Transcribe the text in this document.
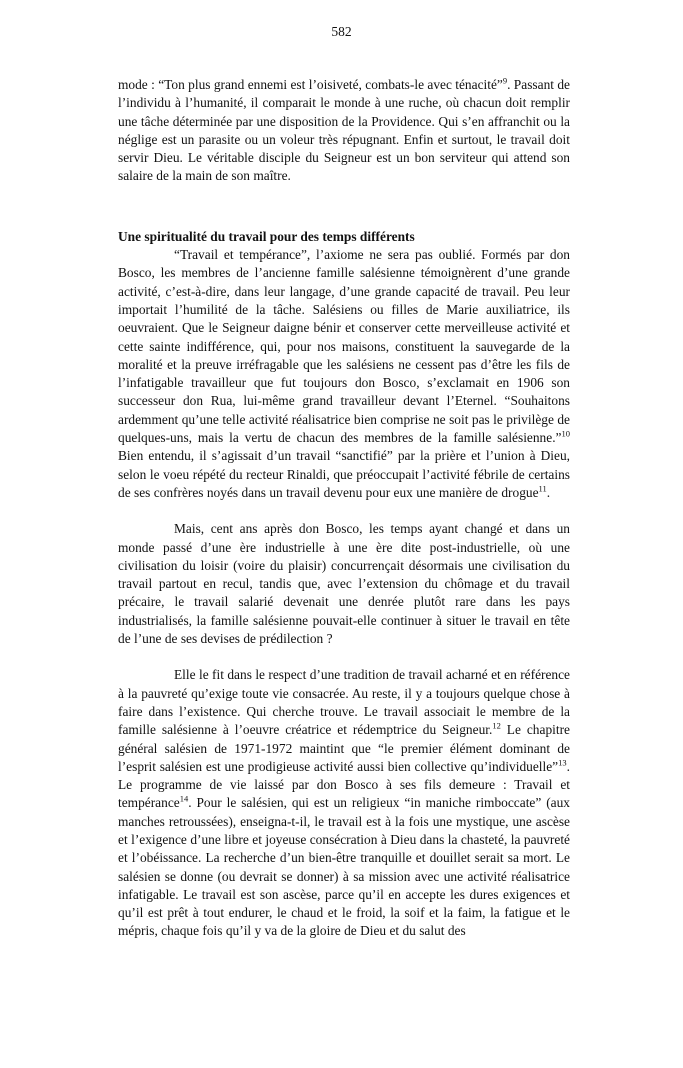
582

mode : “Ton plus grand ennemi est l’oisiveté, combats-le avec ténacité”$^9$. Passant de l’individu à l’humanité, il comparait le monde à une ruche, où chacun doit remplir une tâche déterminée par une disposition de la Providence. Qui s’en affranchit ou la néglige est un parasite ou un voleur très répugnant. Enfin et surtout, le travail doit servir Dieu. Le véritable disciple du Seigneur est un bon serviteur qui attend son salaire de la main de son maître.

Une spiritualité du travail pour des temps différents

“Travail et tempérance”, l’axiome ne sera pas oublié. Formés par don Bosco, les membres de l’ancienne famille salésienne témoignèrent d’une grande activité, c’est-à-dire, dans leur langage, d’une grande capacité de travail. Peu leur importait l’humilité de la tâche. Salésiens ou filles de Marie auxiliatrice, ils oeuvraient. Que le Seigneur daigne bénir et conserver cette merveilleuse activité et cette sainte indifférence, qui, pour nos maisons, constituent la sauvegarde de la moralité et la preuve irréfragable que les salésiens ne cessent pas d’être les fils de l’infatigable travailleur que fut toujours don Bosco, s’exclamait en 1906 son successeur don Rua, lui-même grand travailleur devant l’Eternel. “Souhaitons ardemment qu’une telle activité réalisatrice bien comprise ne soit pas le privilège de quelques-uns, mais la vertu de chacun des membres de la famille salésienne.”$^{10}$ Bien entendu, il s’agissait d’un travail “sanctifié” par la prière et l’union à Dieu, selon le voeu répété du recteur Rinaldi, que préoccupait l’activité fébrile de certains de ses confrères noyés dans un travail devenu pour eux une manière de drogue$^{11}$.

Mais, cent ans après don Bosco, les temps ayant changé et dans un monde passé d’une ère industrielle à une ère dite post-industrielle, où une civilisation du loisir (voire du plaisir) concurrençait désormais une civilisation du travail partout en recul, tandis que, avec l’extension du chômage et du travail précaire, le travail salarié devenait une denrée plutôt rare dans les pays industrialisés, la famille salésienne pouvait-elle continuer à situer le travail en tête de l’une de ses devises de prédilection ?

Elle le fit dans le respect d’une tradition de travail acharné et en référence à la pauvreté qu’exige toute vie consacrée. Au reste, il y a toujours quelque chose à faire dans l’existence. Qui cherche trouve. Le travail associait le membre de la famille salésienne à l’oeuvre créatrice et rédemptrice du Seigneur.$^{12}$ Le chapitre général salésien de 1971-1972 maintint que “le premier élément dominant de l’esprit salésien est une prodigieuse activité aussi bien collective qu’individuelle”$^{13}$. Le programme de vie laissé par don Bosco à ses fils demeure : Travail et tempérance$^{14}$. Pour le salésien, qui est un religieux “in maniche rimboccate” (aux manches retroussées), enseigna-t-il, le travail est à la fois une mystique, une ascèse et l’exigence d’une libre et joyeuse consécration à Dieu dans la chasteté, la pauvreté et l’obéissance. La recherche d’un bien-être tranquille et douillet serait sa mort. Le salésien se donne (ou devrait se donner) à sa mission avec une activité réalisatrice infatigable. Le travail est son ascèse, parce qu’il en accepte les dures exigences et qu’il est prêt à tout endurer, le chaud et le froid, la soif et la faim, la fatigue et le mépris, chaque fois qu’il y va de la gloire de Dieu et du salut des
